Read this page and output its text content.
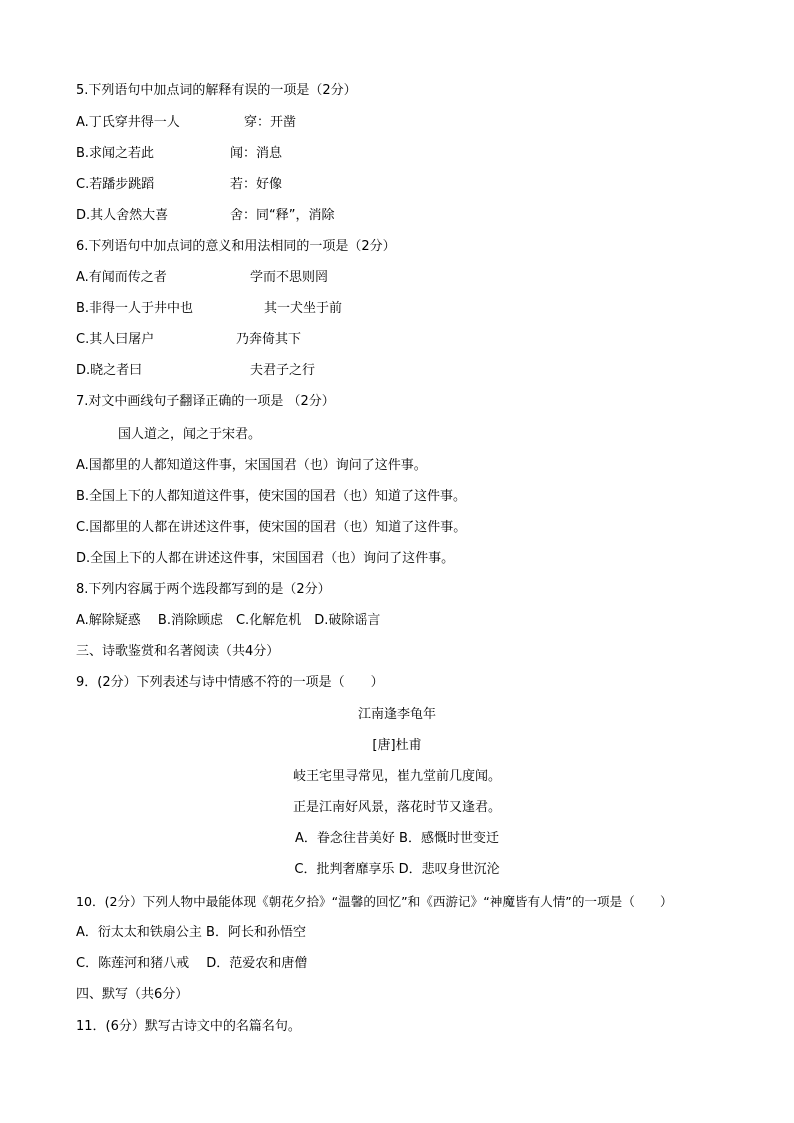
5.下列语句中加点词的解释有误的一项是（2分）
A.丁氏穿井得一人	穿：开凿
B.求闻之若此	闻：消息
C.若蹯步跳蹈	若：好像
D.其人舍然大喜	舍：同“释”，消除
6.下列语句中加点词的意义和用法相同的一项是（2分）
A.有闻而传之者	学而不思则罔
B.非得一人于井中也	其一犬坐于前
C.其人曰屠户	乃奔倚其下
D.晓之者曰	夫君子之行
7.对文中画线句子翻译正确的一项是 （2分）
国人道之，闻之于宋君。
A.国都里的人都知道这件事，宋国国君（也）询问了这件事。
B.全国上下的人都知道这件事，使宋国的国君（也）知道了这件事。
C.国都里的人都在讲述这件事，使宋国的国君（也）知道了这件事。
D.全国上下的人都在讲述这件事，宋国国君（也）询问了这件事。
8.下列内容属于两个选段都写到的是（2分）
A.解除疑惑　 B.消除顾虑　C.化解危机　D.破除谣言
三、诗歌鉴赏和名著阅读（共4分）
9．(2分）下列表述与诗中情感不符的一项是（　　）
江南逢李龟年
[唐]杜甫
岐王宅里寻常见，崔九堂前几度闻。
正是江南好风景，落花时节又逢君。
A．眷念往昔美好 B．感慨时世变迁
C．批判奢靡享乐 D．悲叹身世沉沦
10．(2分）下列人物中最能体现《朝花夕拾》“温馨的回忆”和《西游记》“神魔皆有人情”的一项是（　　）
A．衍太太和铁扇公主 B．阿长和孙悟空
C．陈莲河和猪八戒　 D．范爱农和唐僧
四、默写（共6分）
11．(6分）默写古诗文中的名篇名句。
